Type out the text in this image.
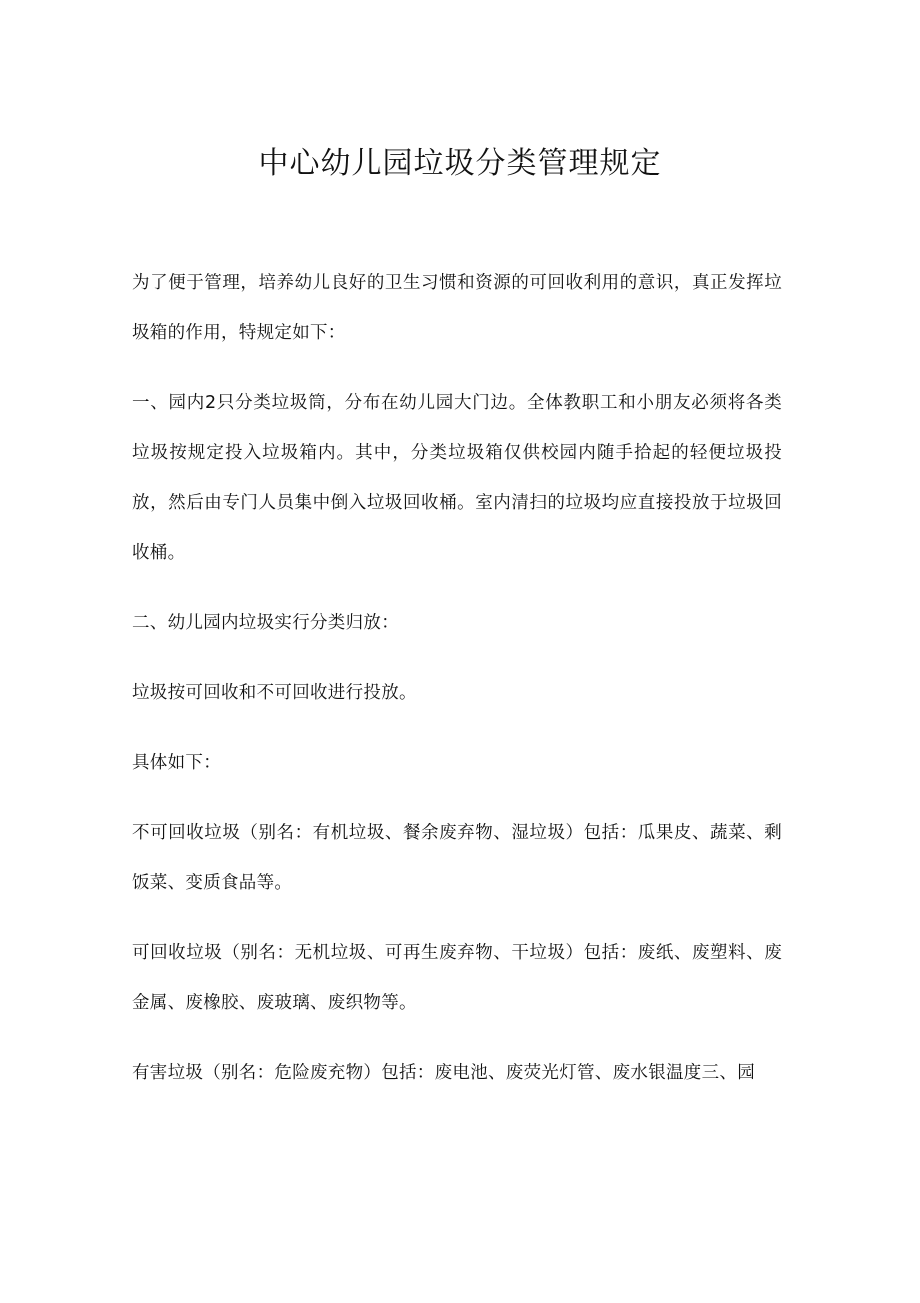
中心幼儿园垃圾分类管理规定

为了便于管理，培养幼儿良好的卫生习惯和资源的可回收利用的意识，真正发挥垃圾箱的作用，特规定如下：

一、园内2只分类垃圾筒，分布在幼儿园大门边。全体教职工和小朋友必须将各类垃圾按规定投入垃圾箱内。其中，分类垃圾箱仅供校园内随手拾起的轻便垃圾投放，然后由专门人员集中倒入垃圾回收桶。室内清扫的垃圾均应直接投放于垃圾回收桶。

二、幼儿园内垃圾实行分类归放：

垃圾按可回收和不可回收进行投放。

具体如下：

不可回收垃圾（别名：有机垃圾、餐余废弃物、湿垃圾）包括：瓜果皮、蔬菜、剩饭菜、变质食品等。

可回收垃圾（别名：无机垃圾、可再生废弃物、干垃圾）包括：废纸、废塑料、废金属、废橡胶、废玻璃、废织物等。

有害垃圾（别名：危险废充物）包括：废电池、废荧光灯管、废水银温度三、园
